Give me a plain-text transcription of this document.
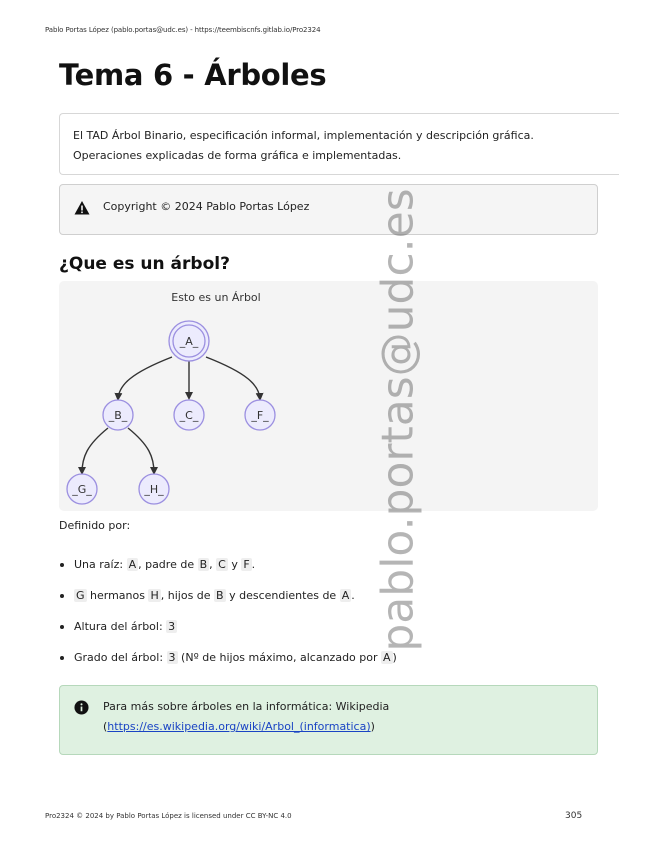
Pablo Portas López (pablo.portas@udc.es) - https://teembiscnfs.gitlab.io/Pro2324
Tema 6 - Árboles
El TAD Árbol Binario, especificación informal, implementación y descripción gráfica.
Operaciones explicadas de forma gráfica e implementadas.
Copyright © 2024 Pablo Portas López
¿Que es un árbol?
Esto es un Árbol
_A_
_B_	_C_	_F_
_G_	_H_
Definido por:
Una raíz: A , padre de B , C y F .
G hermanos H , hijos de B y descendientes de A .
Altura del árbol: 3
Grado del árbol: 3 (Nº de hijos máximo, alcanzado por A )
Para más sobre árboles en la informática: Wikipedia
(https://es.wikipedia.org/wiki/Arbol_(informatica))
pablo.portas@udc.es
Pro2324 © 2024 by Pablo Portas López is licensed under CC BY-NC 4.0	305
